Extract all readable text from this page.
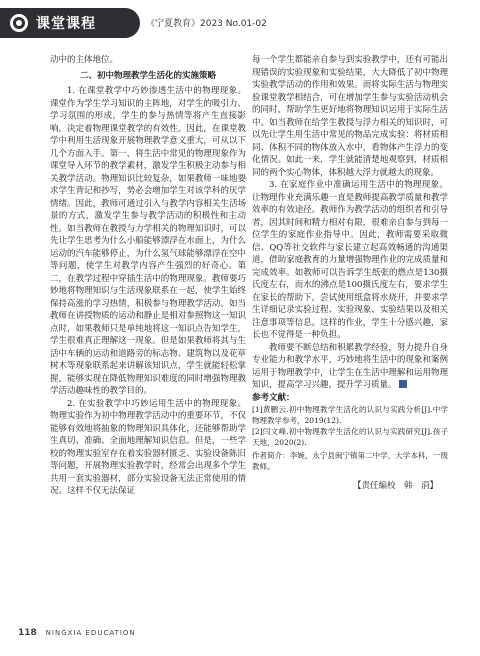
课堂课程	《宁夏教育》2023 No.01-02

动中的主体地位。

二、初中物理教学生活化的实施策略

1. 在课堂教学中巧妙渗透生活中的物理现象。课堂作为学生学习知识的主阵地，对学生的吸引力、学习氛围的形成，学生的参与热情等将产生直接影响，决定着物理课堂教学的有效性。因此，在课堂教学中利用生活现象开展物理教学意义重大，可从以下几个方面入手。第一，将生活中常见的物理现象作为课堂导入环节的教学素材，激发学生积极主动参与相关教学活动。物理知识比较复杂，如果教师一味地要求学生背记和抄写，势必会增加学生对该学科的厌学情绪。因此，教师可通过引入与教学内容相关生活场景的方式，激发学生参与教学活动的积极性和主动性。如当教师在教授与力学相关的物理知识时，可以先让学生思考为什么小船能够漂浮在水面上，为什么运动的汽车能够停止，为什么氢气球能够漂浮在空中等问题，使学生对教学内容产生强烈的好奇心。第二，在教学过程中穿插生活中的物理现象。教师要巧妙地将物理知识与生活现象联系在一起，使学生始终保持高涨的学习热情，积极参与物理教学活动。如当教师在讲授物质的运动和静止是相对参照物这一知识点时，如果教师只是单纯地将这一知识点告知学生，学生很难真正理解这一现象。但是如果教师将其与生活中车辆的运动和道路旁的标志物、建筑物以及花草树木等现象联系起来讲解该知识点，学生就能轻松掌握，能够实现在降低物理知识难度的同时增强物理教学活动趣味性的教学目的。

2. 在实验教学中巧妙运用生活中的物理现象。物理实验作为初中物理教学活动中的重要环节，不仅能够有效地将抽象的物理知识具体化，还能够帮助学生真切、准确、全面地理解知识信息。但是，一些学校的物理实验室存在着实验器材匮乏、实验设备陈旧等问题，开展物理实验教学时，经常会出现多个学生共用一套实验器材，部分实验设备无法正常使用的情况。这样不仅无法保证

每一个学生都能亲自参与到实验教学中，还有可能出现错误的实验现象和实验结果，大大降低了初中物理实验教学活动的作用和效果。而将实际生活与物理实验课堂教学相结合，可在增加学生参与实验活动机会的同时，帮助学生更好地将物理知识运用于实际生活中。如当教师在给学生教授与浮力相关的知识时，可以先让学生用生活中常见的物品完成实验：将材质相同、体积不同的物体放入水中，看物体产生浮力的变化情况。如此一来，学生就能清楚地观察到，材质相同的两个实心物体，体积越大浮力就越大的现象。

3. 在家庭作业中准确运用生活中的物理现象。让物理作业充满乐趣一直是教师提高教学质量和教学效率的有效途径。教师作为教学活动的组织者和引导者，因其时间和精力相对有限，很难亲自参与到每一位学生的家庭作业指导中。因此，教师需要采取微信、QQ等社交软件与家长建立起高效畅通的沟通渠道，借助家庭教育的力量增强物理作业的完成质量和完成效率。如教师可以告诉学生纸张的燃点是130摄氏度左右，而水的沸点是100摄氏度左右，要求学生在家长的帮助下，尝试使用纸盒将水烧开，并要求学生详细记录实验过程、实验现象、实验结果以及相关注意事项等信息。这样的作业，学生十分感兴趣，家长也不觉得是一种负担。

教师要不断总结和积累教学经验，努力提升自身专业能力和教学水平，巧妙地将生活中的现象和案例运用于物理教学中，让学生在生活中理解和运用物理知识，提高学习兴趣，提升学习质量。

参考文献：

[1]黄鹏云.初中物理教学生活化的认识与实践分析[J].中学物理教学参考，2019(12).

[2]闫文峰.初中物理教学生活化的认识与实践研究[J].孩子天地，2020(2).

作者简介：李婉，永宁县闽宁镇第二中学，大学本科，一级教师。

【责任编校　韩　涓】

118 NINGXIA EDUCATION
